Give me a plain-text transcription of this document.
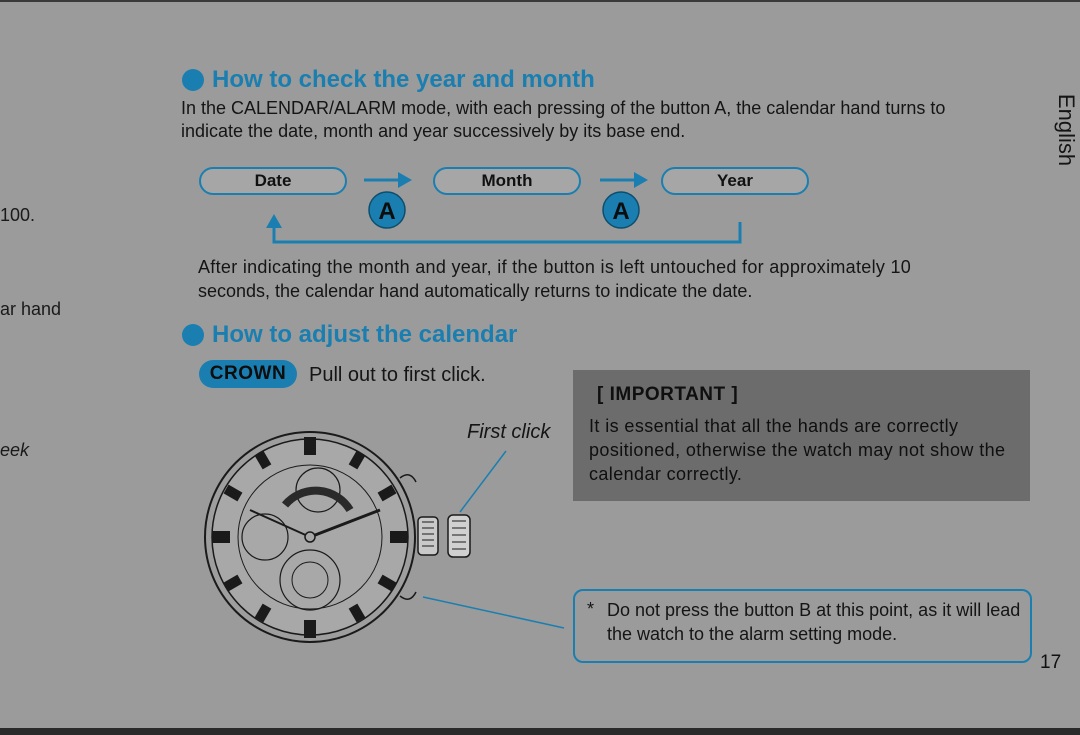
100.
ar hand
eek
How to check the year and month
In the CALENDAR/ALARM mode, with each pressing of the button A, the calendar hand turns to
indicate the date, month and year successively by its base end.
Date	Month	Year
After indicating the month and year, if the button is left untouched for approximately 10
seconds, the calendar hand automatically returns to indicate the date.
How to adjust the calendar
CROWN	Pull out to first click.
First click
[ IMPORTANT ]
It is essential that all the hands are correctly positioned, otherwise the watch may not show the calendar correctly.
* Do not press the button B at this point, as it will lead the watch to the alarm setting mode.
17
English
A	A
